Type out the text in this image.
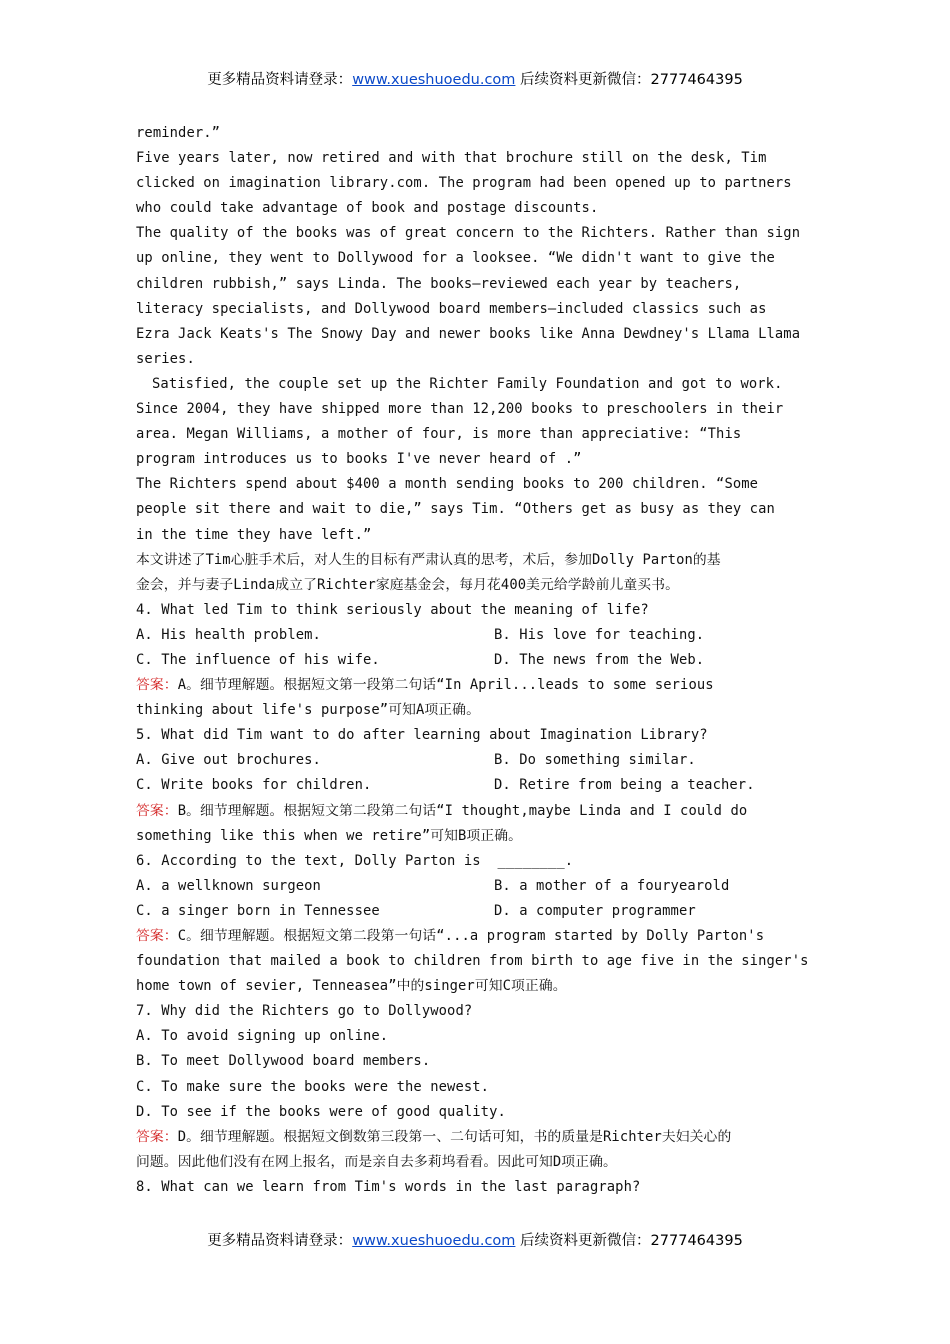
更多精品资料请登录：www.xueshuoedu.com 后续资料更新微信：2777464395
reminder.”
Five years later, now retired and with that brochure still on the desk, Tim
clicked on imagination library.com. The program had been opened up to partners
who could take advantage of book and postage discounts.
The quality of the books was of great concern to the Richters. Rather than sign
up online, they went to Dollywood for a looksee. “We didn't want to give the
children rubbish,” says Linda. The books—reviewed each year by teachers,
literacy specialists, and Dollywood board members—included classics such as
Ezra Jack Keats's The Snowy Day and newer books like Anna Dewdney's Llama Llama
series.
Satisfied, the couple set up the Richter Family Foundation and got to work.
Since 2004, they have shipped more than 12,200 books to preschoolers in their
area. Megan Williams, a mother of four, is more than appreciative: “This
program introduces us to books I've never heard of .”
The Richters spend about $400 a month sending books to 200 children. “Some
people sit there and wait to die,” says Tim. “Others get as busy as they can
in the time they have left.”
本文讲述了Tim心脏手术后，对人生的目标有严肃认真的思考，术后，参加Dolly Parton的基
金会，并与妻子Linda成立了Richter家庭基金会，每月花400美元给学龄前儿童买书。
4. What led Tim to think seriously about the meaning of life?
A. His health problem.	B. His love for teaching.
C. The influence of his wife.	D. The news from the Web.
答案：A。细节理解题。根据短文第一段第二句话“In April...leads to some serious
thinking about life's purpose”可知A项正确。
5. What did Tim want to do after learning about Imagination Library?
A. Give out brochures.	B. Do something similar.
C. Write books for children.	D. Retire from being a teacher.
答案：B。细节理解题。根据短文第二段第二句话“I thought,maybe Linda and I could do
something like this when we retire”可知B项正确。
6. According to the text, Dolly Parton is  ________.
A. a wellknown surgeon	B. a mother of a fouryearold
C. a singer born in Tennessee	D. a computer programmer
答案：C。细节理解题。根据短文第二段第一句话“...a program started by Dolly Parton's
foundation that mailed a book to children from birth to age five in the singer's
home town of sevier, Tenneasea”中的singer可知C项正确。
7. Why did the Richters go to Dollywood?
A. To avoid signing up online.
B. To meet Dollywood board members.
C. To make sure the books were the newest.
D. To see if the books were of good quality.
答案：D。细节理解题。根据短文倒数第三段第一、二句话可知，书的质量是Richter夫妇关心的
问题。因此他们没有在网上报名，而是亲自去多莉坞看看。因此可知D项正确。
8. What can we learn from Tim's words in the last paragraph?
更多精品资料请登录：www.xueshuoedu.com 后续资料更新微信：2777464395
